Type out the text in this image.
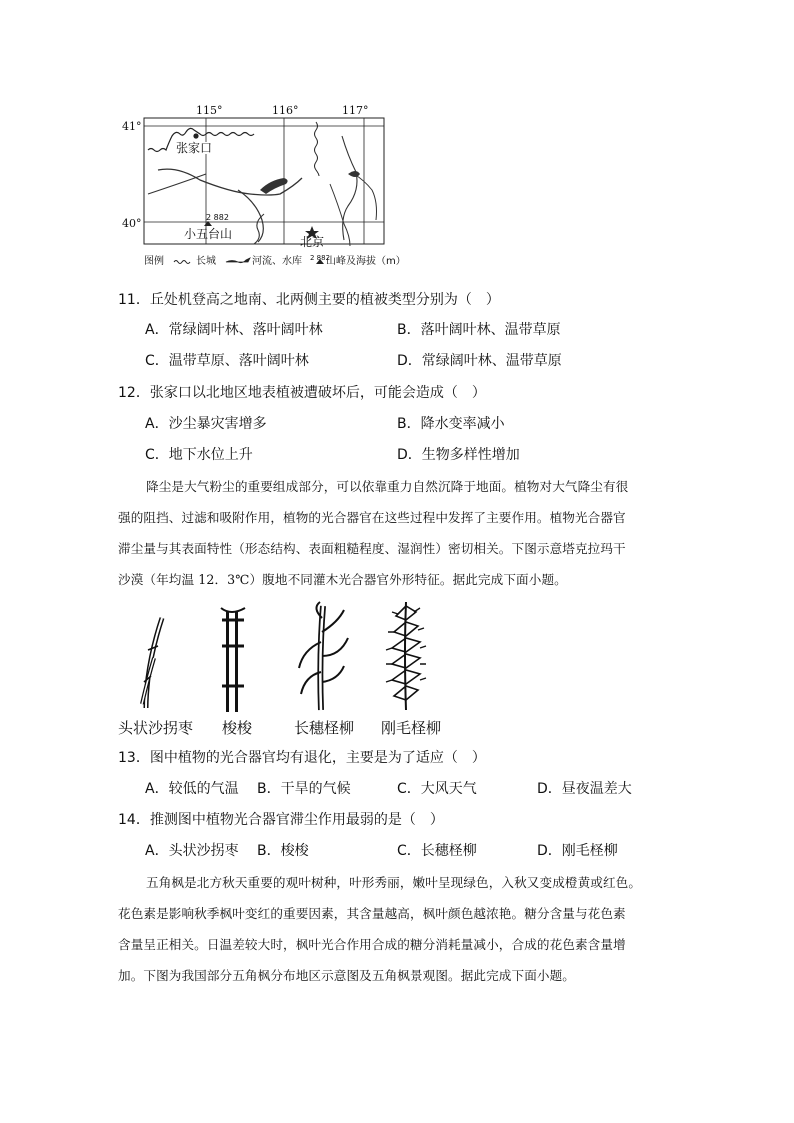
115°	116°	117°
41°
40°
张家口
2 882
小五台山
北京
图例	长城	河流、水库 2 882
山峰及海拔（m）
11．丘处机登高之地南、北两侧主要的植被类型分别为（　）
A．常绿阔叶林、落叶阔叶林	B．落叶阔叶林、温带草原
C．温带草原、落叶阔叶林	D．常绿阔叶林、温带草原
12．张家口以北地区地表植被遭破坏后，可能会造成（　）
A．沙尘暴灾害增多	B．降水变率减小
C．地下水位上升	D．生物多样性增加
降尘是大气粉尘的重要组成部分，可以依靠重力自然沉降于地面。植物对大气降尘有很
强的阻挡、过滤和吸附作用，植物的光合器官在这些过程中发挥了主要作用。植物光合器官
滞尘量与其表面特性（形态结构、表面粗糙程度、湿润性）密切相关。下图示意塔克拉玛干
沙漠（年均温 12．3℃）腹地不同灌木光合器官外形特征。据此完成下面小题。
头状沙拐枣 梭梭	长穗柽柳 刚毛柽柳
13．图中植物的光合器官均有退化，主要是为了适应（　）
A．较低的气温 B．干旱的气候	C．大风天气	D．昼夜温差大
14．推测图中植物光合器官滞尘作用最弱的是（　）
A．头状沙拐枣 B．梭梭	C．长穗柽柳	D．刚毛柽柳
五角枫是北方秋天重要的观叶树种，叶形秀丽，嫩叶呈现绿色，入秋又变成橙黄或红色。
花色素是影响秋季枫叶变红的重要因素，其含量越高，枫叶颜色越浓艳。糖分含量与花色素
含量呈正相关。日温差较大时，枫叶光合作用合成的糖分消耗量减小，合成的花色素含量增
加。下图为我国部分五角枫分布地区示意图及五角枫景观图。据此完成下面小题。
